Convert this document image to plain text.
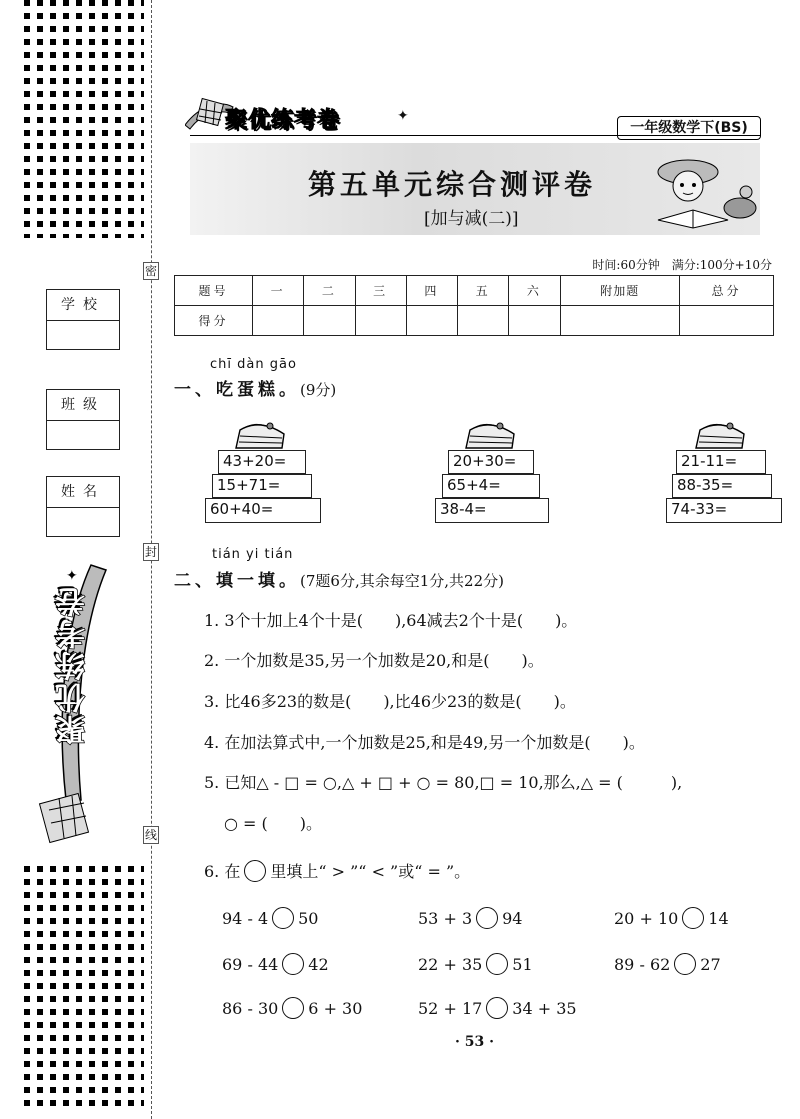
密
封
线
学校
班级
姓名
✦
聚优练考卷
聚优练考卷	✦
一年级数学下(BS)
第五单元综合测评卷
[加与减(二)]
时间:60分钟　满分:100分+10分
题号	一	二	三	四	五	六	附加题	总分
得分								
chī dàn gāo
一、吃蛋糕。(9分)
43+20=
15+71=
60+40=
20+30=
65+4=
38-4=
21-11=
88-35=
74-33=
tián yi tián
二、填一填。(7题6分,其余每空1分,共22分)
1. 3个十加上4个十是(　　),64减去2个十是(　　)。
2. 一个加数是35,另一个加数是20,和是(　　)。
3. 比46多23的数是(　　),比46少23的数是(　　)。
4. 在加法算式中,一个加数是25,和是49,另一个加数是(　　)。
5. 已知△ - □ = ○,△ + □ + ○ = 80,□ = 10,那么,△ = (　　　),
○ = (　　)。
6. 在 里填上“ > ”“ < ”或“ = ”。
94 - 4 50	53 + 3 94	20 + 10 14
69 - 44 42	22 + 35 51	89 - 62 27
86 - 30 6 + 30	52 + 17 34 + 35
· 53 ·
